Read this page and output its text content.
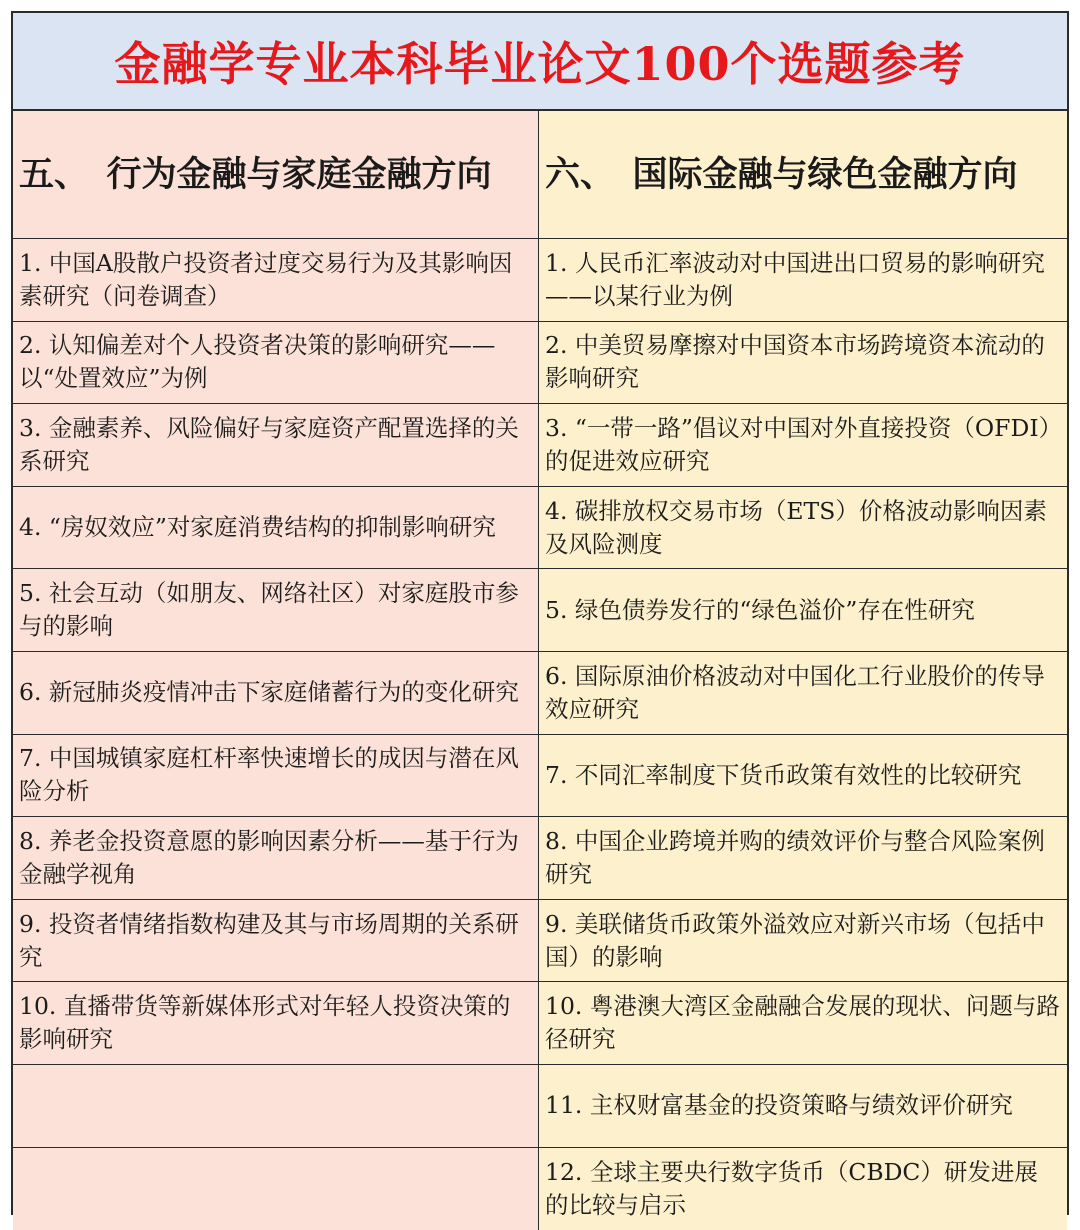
金融学专业本科毕业论文100个选题参考
五、　行为金融与家庭金融方向 六、　国际金融与绿色金融方向
1. 中国A股散户投资者过度交易行为及其影响因素研究（问卷调查）
1. 人民币汇率波动对中国进出口贸易的影响研究——以某行业为例
2. 认知偏差对个人投资者决策的影响研究——以“处置效应”为例
2. 中美贸易摩擦对中国资本市场跨境资本流动的影响研究
3. 金融素养、风险偏好与家庭资产配置选择的关系研究
3. “一带一路”倡议对中国对外直接投资（OFDI）的促进效应研究
4. “房奴效应”对家庭消费结构的抑制影响研究
4. 碳排放权交易市场（ETS）价格波动影响因素及风险测度
5. 社会互动（如朋友、网络社区）对家庭股市参与的影响
5. 绿色债券发行的“绿色溢价”存在性研究
6. 新冠肺炎疫情冲击下家庭储蓄行为的变化研究
6. 国际原油价格波动对中国化工行业股价的传导效应研究
7. 中国城镇家庭杠杆率快速增长的成因与潜在风险分析
7. 不同汇率制度下货币政策有效性的比较研究
8. 养老金投资意愿的影响因素分析——基于行为金融学视角
8. 中国企业跨境并购的绩效评价与整合风险案例研究
9. 投资者情绪指数构建及其与市场周期的关系研究
9. 美联储货币政策外溢效应对新兴市场（包括中国）的影响
10. 直播带货等新媒体形式对年轻人投资决策的影响研究
10. 粤港澳大湾区金融融合发展的现状、问题与路径研究
11. 主权财富基金的投资策略与绩效评价研究
12. 全球主要央行数字货币（CBDC）研发进展的比较与启示
